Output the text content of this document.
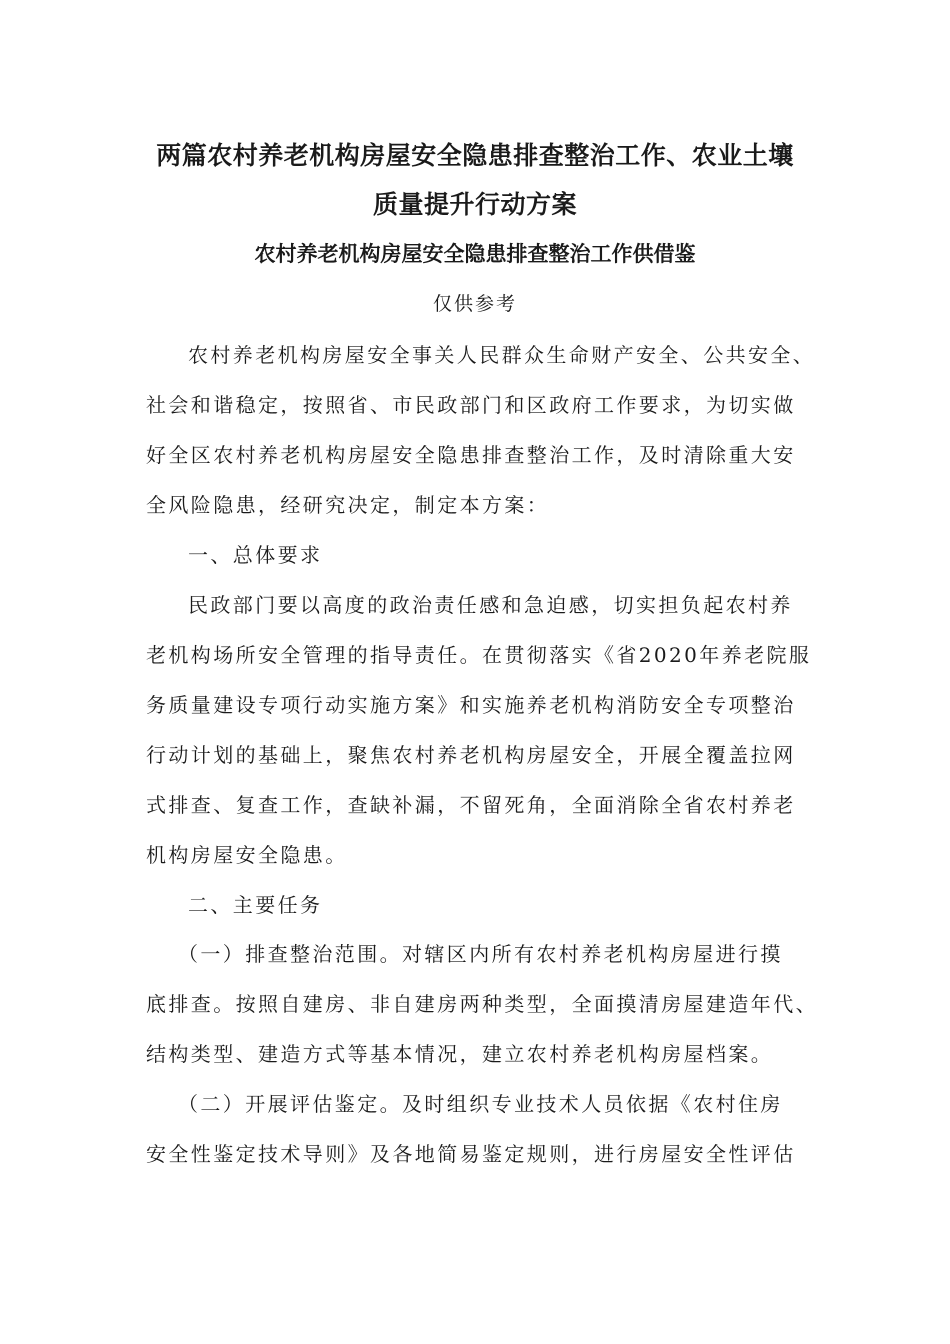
两篇农村养老机构房屋安全隐患排查整治工作、农业土壤
质量提升行动方案
农村养老机构房屋安全隐患排查整治工作供借鉴
仅供参考
农村养老机构房屋安全事关人民群众生命财产安全、公共安全、
社会和谐稳定，按照省、市民政部门和区政府工作要求，为切实做
好全区农村养老机构房屋安全隐患排查整治工作，及时清除重大安
全风险隐患，经研究决定，制定本方案：
一、总体要求
民政部门要以高度的政治责任感和急迫感，切实担负起农村养
老机构场所安全管理的指导责任。在贯彻落实《省2020年养老院服
务质量建设专项行动实施方案》和实施养老机构消防安全专项整治
行动计划的基础上，聚焦农村养老机构房屋安全，开展全覆盖拉网
式排查、复查工作，查缺补漏，不留死角，全面消除全省农村养老
机构房屋安全隐患。
二、主要任务
（一）排查整治范围。对辖区内所有农村养老机构房屋进行摸
底排查。按照自建房、非自建房两种类型，全面摸清房屋建造年代、
结构类型、建造方式等基本情况，建立农村养老机构房屋档案。
（二）开展评估鉴定。及时组织专业技术人员依据《农村住房
安全性鉴定技术导则》及各地简易鉴定规则，进行房屋安全性评估
